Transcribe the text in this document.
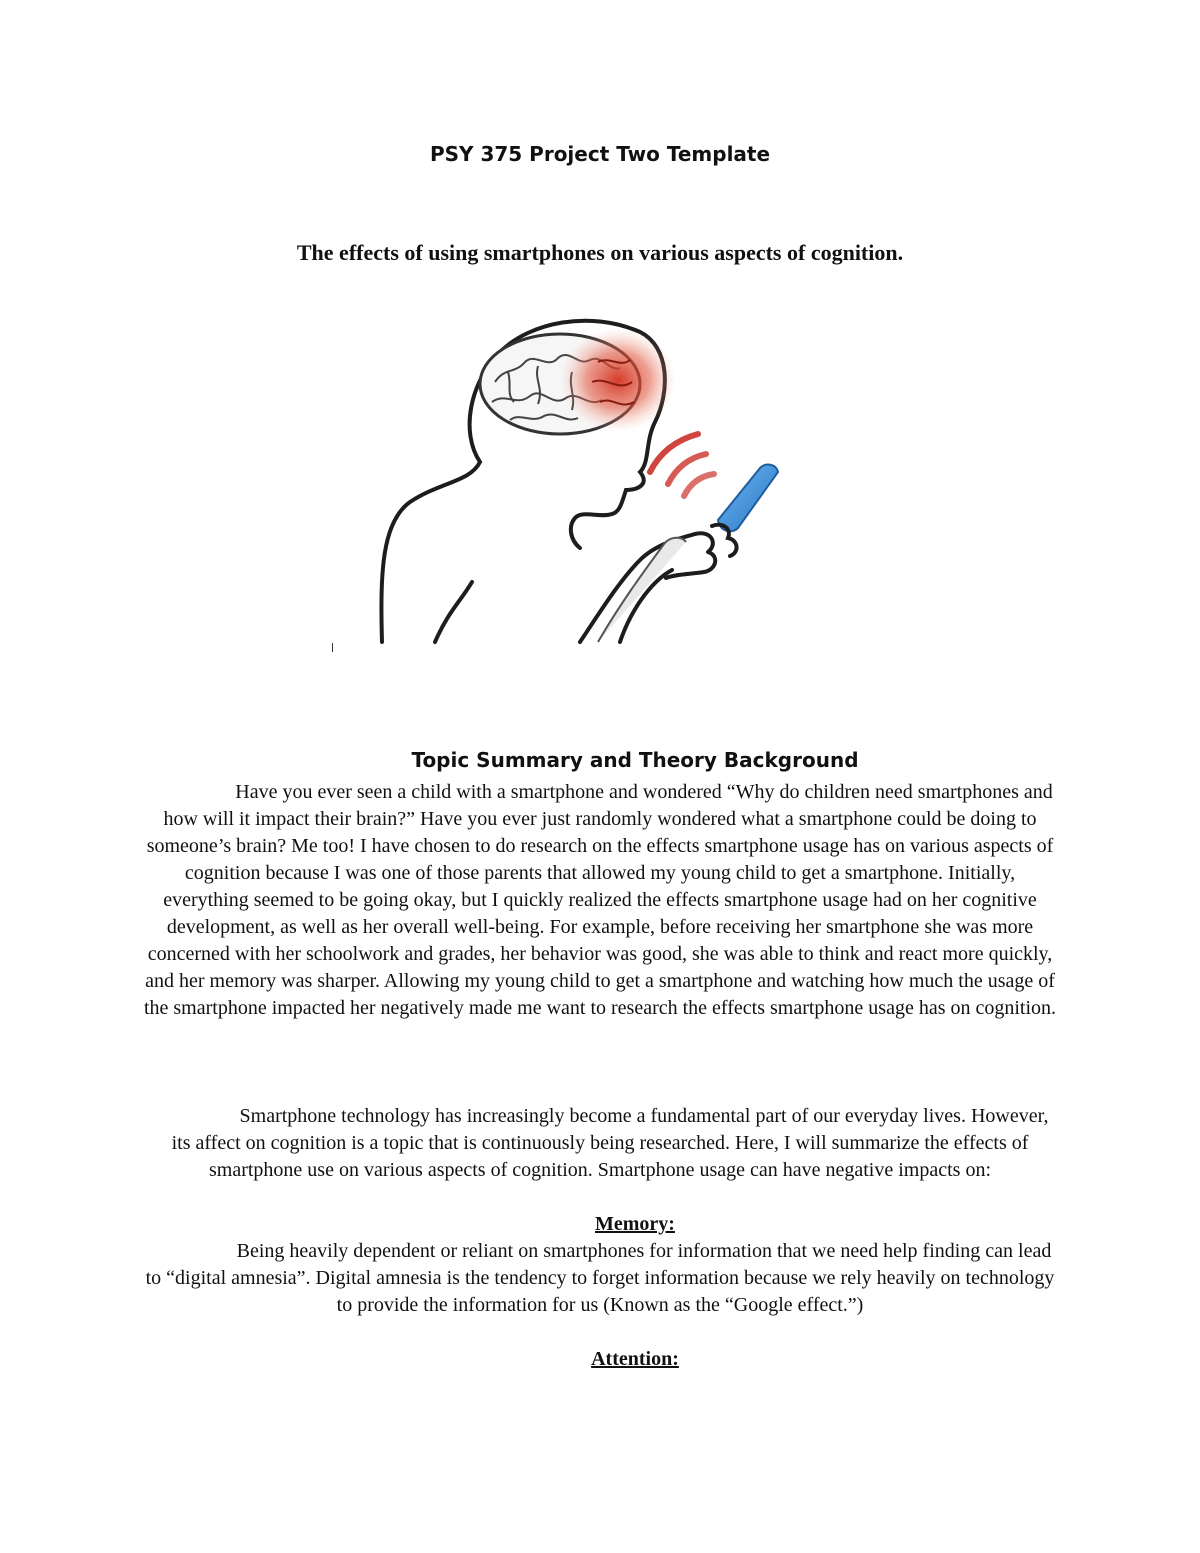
PSY 375 Project Two Template
The effects of using smartphones on various aspects of cognition.
Topic Summary and Theory Background

Have you ever seen a child with a smartphone and wondered “Why do children need smartphones and how will it impact their brain?” Have you ever just randomly wondered what a smartphone could be doing to someone’s brain? Me too! I have chosen to do research on the effects smartphone usage has on various aspects of cognition because I was one of those parents that allowed my young child to get a smartphone. Initially, everything seemed to be going okay, but I quickly realized the effects smartphone usage had on her cognitive development, as well as her overall well-being. For example, before receiving her smartphone she was more concerned with her schoolwork and grades, her behavior was good, she was able to think and react more quickly, and her memory was sharper. Allowing my young child to get a smartphone and watching how much the usage of the smartphone impacted her negatively made me want to research the effects smartphone usage has on cognition.

Smartphone technology has increasingly become a fundamental part of our everyday lives. However, its affect on cognition is a topic that is continuously being researched. Here, I will summarize the effects of smartphone use on various aspects of cognition. Smartphone usage can have negative impacts on:

Memory:

Being heavily dependent or reliant on smartphones for information that we need help finding can lead to “digital amnesia”. Digital amnesia is the tendency to forget information because we rely heavily on technology to provide the information for us (Known as the “Google effect.”)

Attention:
